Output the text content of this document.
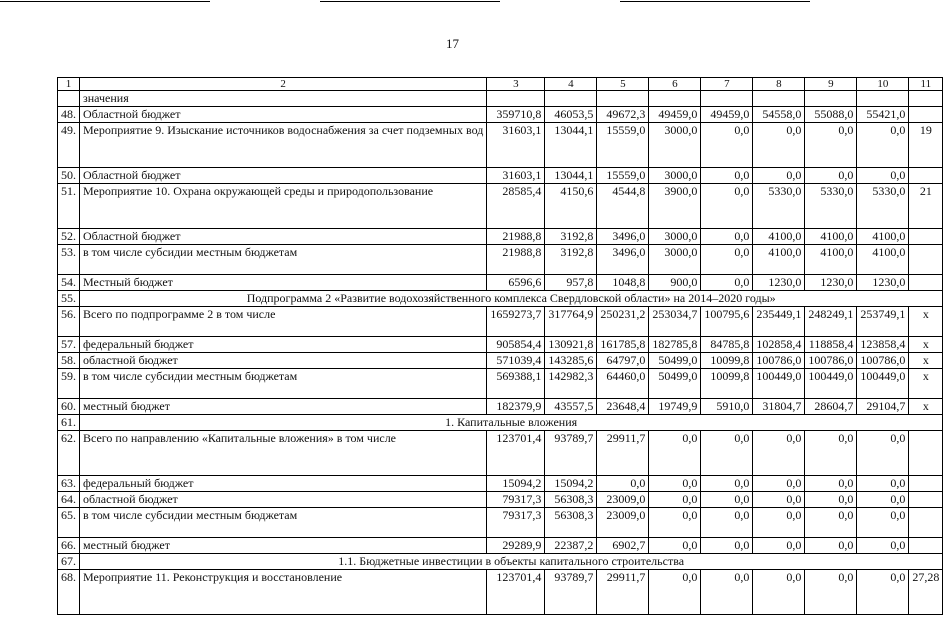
17
1	2	3	4	5	6	7	8	9	10	11
	значения									
48.	Областной бюджет	359710,8	46053,5	49672,3	49459,0	49459,0	54558,0	55088,0	55421,0	
49.	Мероприятие 9. Изыскание источников водоснабжения за счет подземных вод	31603,1	13044,1	15559,0	3000,0	0,0	0,0	0,0	0,0	19
50.	Областной бюджет	31603,1	13044,1	15559,0	3000,0	0,0	0,0	0,0	0,0	
51.	Мероприятие 10. Охрана окружающей среды и природопользование	28585,4	4150,6	4544,8	3900,0	0,0	5330,0	5330,0	5330,0	21
52.	Областной бюджет	21988,8	3192,8	3496,0	3000,0	0,0	4100,0	4100,0	4100,0	
53.	в том числе субсидии местным бюджетам	21988,8	3192,8	3496,0	3000,0	0,0	4100,0	4100,0	4100,0	
54.	Местный бюджет	6596,6	957,8	1048,8	900,0	0,0	1230,0	1230,0	1230,0	
55.	Подпрограмма 2 «Развитие водохозяйственного комплекса Свердловской области» на 2014–2020 годы»									
56.	Всего по подпрограмме 2 в том числе	1659273,7	317764,9	250231,2	253034,7	100795,6	235449,1	248249,1	253749,1	x
57.	федеральный бюджет	905854,4	130921,8	161785,8	182785,8	84785,8	102858,4	118858,4	123858,4	x
58.	областной бюджет	571039,4	143285,6	64797,0	50499,0	10099,8	100786,0	100786,0	100786,0	x
59.	в том числе субсидии местным бюджетам	569388,1	142982,3	64460,0	50499,0	10099,8	100449,0	100449,0	100449,0	x
60.	местный бюджет	182379,9	43557,5	23648,4	19749,9	5910,0	31804,7	28604,7	29104,7	x
61.	1. Капитальные вложения									
62.	Всего по направлению «Капитальные вложения» в том числе	123701,4	93789,7	29911,7	0,0	0,0	0,0	0,0	0,0	
63.	федеральный бюджет	15094,2	15094,2	0,0	0,0	0,0	0,0	0,0	0,0	
64.	областной бюджет	79317,3	56308,3	23009,0	0,0	0,0	0,0	0,0	0,0	
65.	в том числе субсидии местным бюджетам	79317,3	56308,3	23009,0	0,0	0,0	0,0	0,0	0,0	
66.	местный бюджет	29289,9	22387,2	6902,7	0,0	0,0	0,0	0,0	0,0	
67.	1.1. Бюджетные инвестиции в объекты капитального строительства									
68.	Мероприятие 11. Реконструкция и восстановление	123701,4	93789,7	29911,7	0,0	0,0	0,0	0,0	0,0	27,28
